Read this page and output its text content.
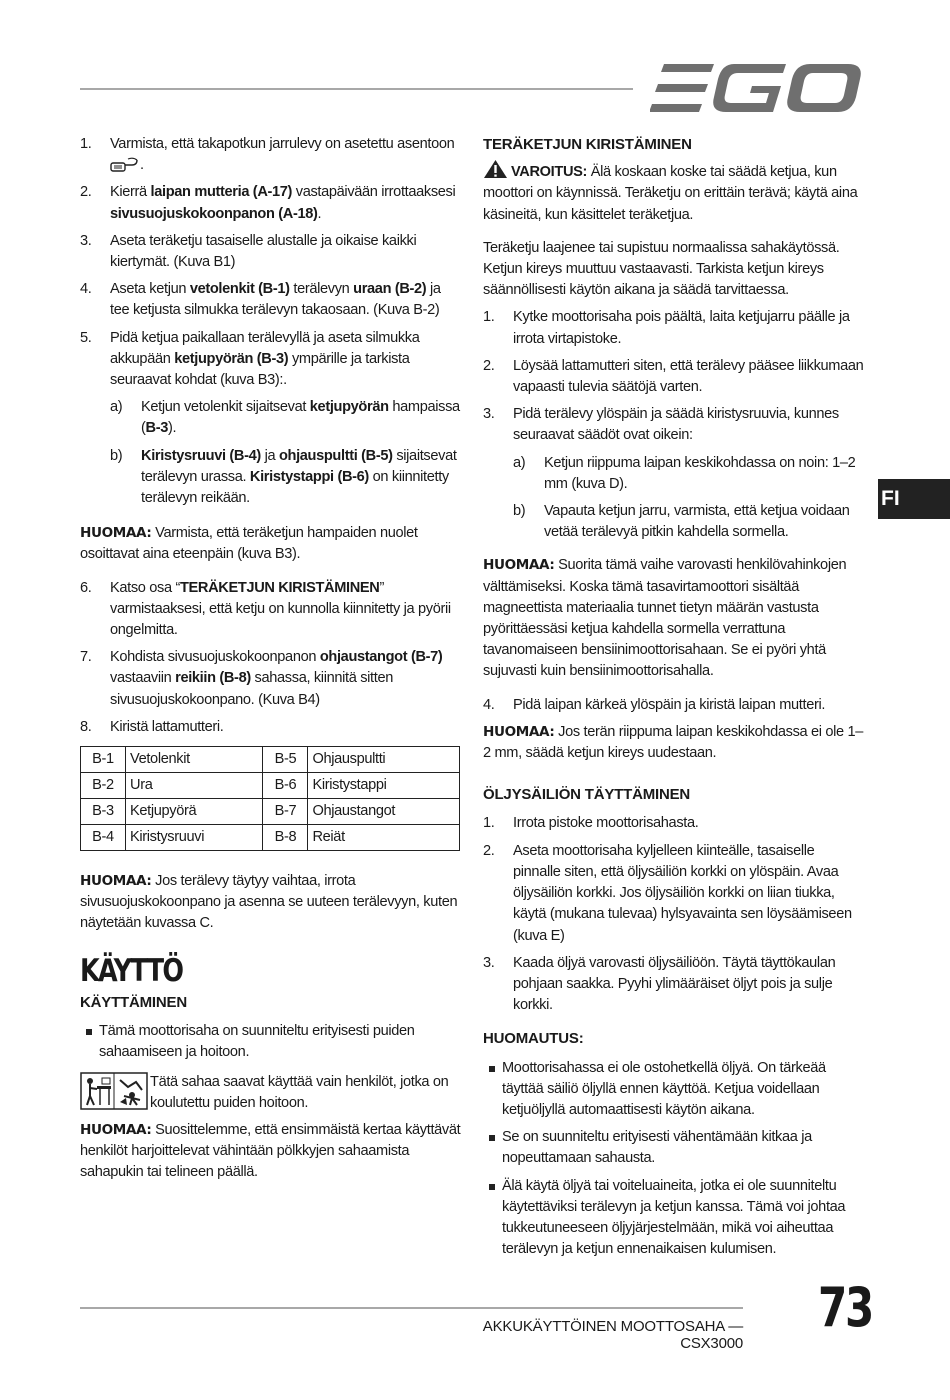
1.	Varmista, että takapotkun jarrulevy on asetettu asentoon .
2.	Kierrä laipan mutteria (A-17) vastapäivään irrottaaksesi sivusuojuskokoonpanon (A-18).
3.	Aseta teräketju tasaiselle alustalle ja oikaise kaikki kiertymät. (Kuva B1)
4.	Aseta ketjun vetolenkit (B-1) terälevyn uraan (B-2) ja tee ketjusta silmukka terälevyn takaosaan. (Kuva B-2)
5.	Pidä ketjua paikallaan terälevyllä ja aseta silmukka akkupään ketjupyörän (B-3) ympärille ja tarkista seuraavat kohdat (kuva B3):.
a)	Ketjun vetolenkit sijaitsevat ketjupyörän hampaissa (B-3).
b)	Kiristysruuvi (B-4) ja ohjauspultti (B-5) sijaitsevat terälevyn urassa. Kiristystappi (B-6) on kiinnitetty terälevyn reikään.

HUOMAA: Varmista, että teräketjun hampaiden nuolet osoittavat aina eteenpäin (kuva B3).

6.	Katso osa “TERÄKETJUN KIRISTÄMINEN” varmistaaksesi, että ketju on kunnolla kiinnitetty ja pyörii ongelmitta.
7.	Kohdista sivusuojuskokoonpanon ohjaustangot (B-7) vastaaviin reikiin (B-8) sahassa, kiinnitä sitten sivusuojuskokoonpano. (Kuva B4)
8.	Kiristä lattamutteri.
B-1	Vetolenkit	B-5	Ohjauspultti
B-2	Ura	B-6	Kiristystappi
B-3	Ketjupyörä	B-7	Ohjaustangot
B-4	Kiristysruuvi	B-8	Reiät

HUOMAA: Jos terälevy täytyy vaihtaa, irrota sivusuojuskokoonpano ja asenna se uuteen terälevyyn, kuten näytetään kuvassa C.

KÄYTTÖ
KÄYTTÄMINEN
Tämä moottorisaha on suunniteltu erityisesti puiden sahaamiseen ja hoitoon.
Tätä sahaa saavat käyttää vain henkilöt, jotka on koulutettu puiden hoitoon.

HUOMAA: Suosittelemme, että ensimmäistä kertaa käyttävät henkilöt harjoittelevat vähintään pölkkyjen sahaamista sahapukin tai telineen päällä.

TERÄKETJUN KIRISTÄMINEN

VAROITUS: Älä koskaan koske tai säädä ketjua, kun moottori on käynnissä. Teräketju on erittäin terävä; käytä aina käsineitä, kun käsittelet teräketjua.

Teräketju laajenee tai supistuu normaalissa sahakäytössä. Ketjun kireys muuttuu vastaavasti. Tarkista ketjun kireys säännöllisesti käytön aikana ja säädä tarvittaessa.

1.	Kytke moottorisaha pois päältä, laita ketjujarru päälle ja irrota virtapistoke.
2.	Löysää lattamutteri siten, että terälevy pääsee liikkumaan vapaasti tulevia säätöjä varten.
3.	Pidä terälevy ylöspäin ja säädä kiristysruuvia, kunnes seuraavat säädöt ovat oikein:
a)	Ketjun riippuma laipan keskikohdassa on noin: 1–2 mm (kuva D).
b)	Vapauta ketjun jarru, varmista, että ketjua voidaan vetää terälevyä pitkin kahdella sormella.

HUOMAA: Suorita tämä vaihe varovasti henkilövahinkojen välttämiseksi. Koska tämä tasavirtamoottori sisältää magneettista materiaalia tunnet tietyn määrän vastusta pyörittäessäsi ketjua kahdella sormella verrattuna tavanomaiseen bensiinimoottorisahaan. Se ei pyöri yhtä sujuvasti kuin bensiinimoottorisahalla.

4.	Pidä laipan kärkeä ylöspäin ja kiristä laipan mutteri.

HUOMAA: Jos terän riippuma laipan keskikohdassa ei ole 1–2 mm, säädä ketjun kireys uudestaan.

ÖLJYSÄILIÖN TÄYTTÄMINEN
1.	Irrota pistoke moottorisahasta.
2.	Aseta moottorisaha kyljelleen kiinteälle, tasaiselle pinnalle siten, että öljysäiliön korkki on ylöspäin. Avaa öljysäiliön korkki. Jos öljysäiliön korkki on liian tiukka, käytä (mukana tulevaa) hylsyavainta sen löysäämiseen (kuva E)
3.	Kaada öljyä varovasti öljysäiliöön. Täytä täyttökaulan pohjaan saakka. Pyyhi ylimääräiset öljyt pois ja sulje korkki.
HUOMAUTUS:
Moottorisahassa ei ole ostohetkellä öljyä. On tärkeää täyttää säiliö öljyllä ennen käyttöä. Ketjua voidellaan ketjuöljyllä automaattisesti käytön aikana.
Se on suunniteltu erityisesti vähentämään kitkaa ja nopeuttamaan sahausta.
Älä käytä öljyä tai voiteluaineita, jotka ei ole suunniteltu käytettäviksi terälevyn ja ketjun kanssa. Tämä voi johtaa tukkeutuneeseen öljyjärjestelmään, mikä voi aiheuttaa terälevyn ja ketjun ennenaikaisen kulumisen.
FI
AKKUKÄYTTÖINEN MOOTTOSAHA — CSX3000
73
